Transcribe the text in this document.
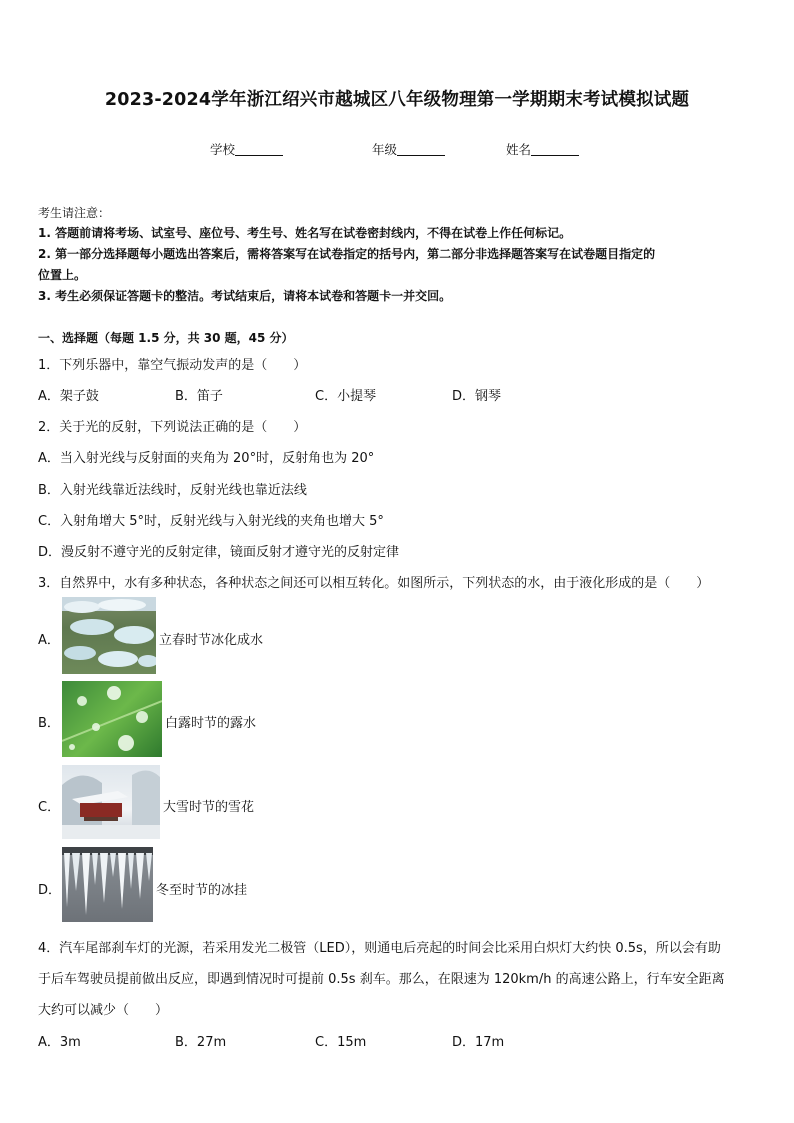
2023-2024学年浙江绍兴市越城区八年级物理第一学期期末考试模拟试题
学校	年级	姓名
考生请注意：
1. 答题前请将考场、试室号、座位号、考生号、姓名写在试卷密封线内，不得在试卷上作任何标记。
2. 第一部分选择题每小题选出答案后，需将答案写在试卷指定的括号内，第二部分非选择题答案写在试卷题目指定的
位置上。
3. 考生必须保证答题卡的整洁。考试结束后，请将本试卷和答题卡一并交回。
一、选择题（每题 1.5 分，共 30 题，45 分）
1．下列乐器中，靠空气振动发声的是（　　）
A．架子鼓	B．笛子	C．小提琴	D．钢琴
2．关于光的反射，下列说法正确的是（　　）
A．当入射光线与反射面的夹角为 20°时，反射角也为 20°
B．入射光线靠近法线时，反射光线也靠近法线
C．入射角增大 5°时，反射光线与入射光线的夹角也增大 5°
D．漫反射不遵守光的反射定律，镜面反射才遵守光的反射定律
3．自然界中，水有多种状态，各种状态之间还可以相互转化。如图所示，下列状态的水，由于液化形成的是（　　）
A．	立春时节冰化成水
B．	白露时节的露水
C．	大雪时节的雪花
D．	冬至时节的冰挂
4．汽车尾部刹车灯的光源，若采用发光二极管（LED），则通电后亮起的时间会比采用白炽灯大约快 0.5s，所以会有助
于后车驾驶员提前做出反应，即遇到情况时可提前 0.5s 刹车。那么，在限速为 120km/h 的高速公路上，行车安全距离
大约可以减少（　　）
A．3m	B．27m	C．15m	D．17m
